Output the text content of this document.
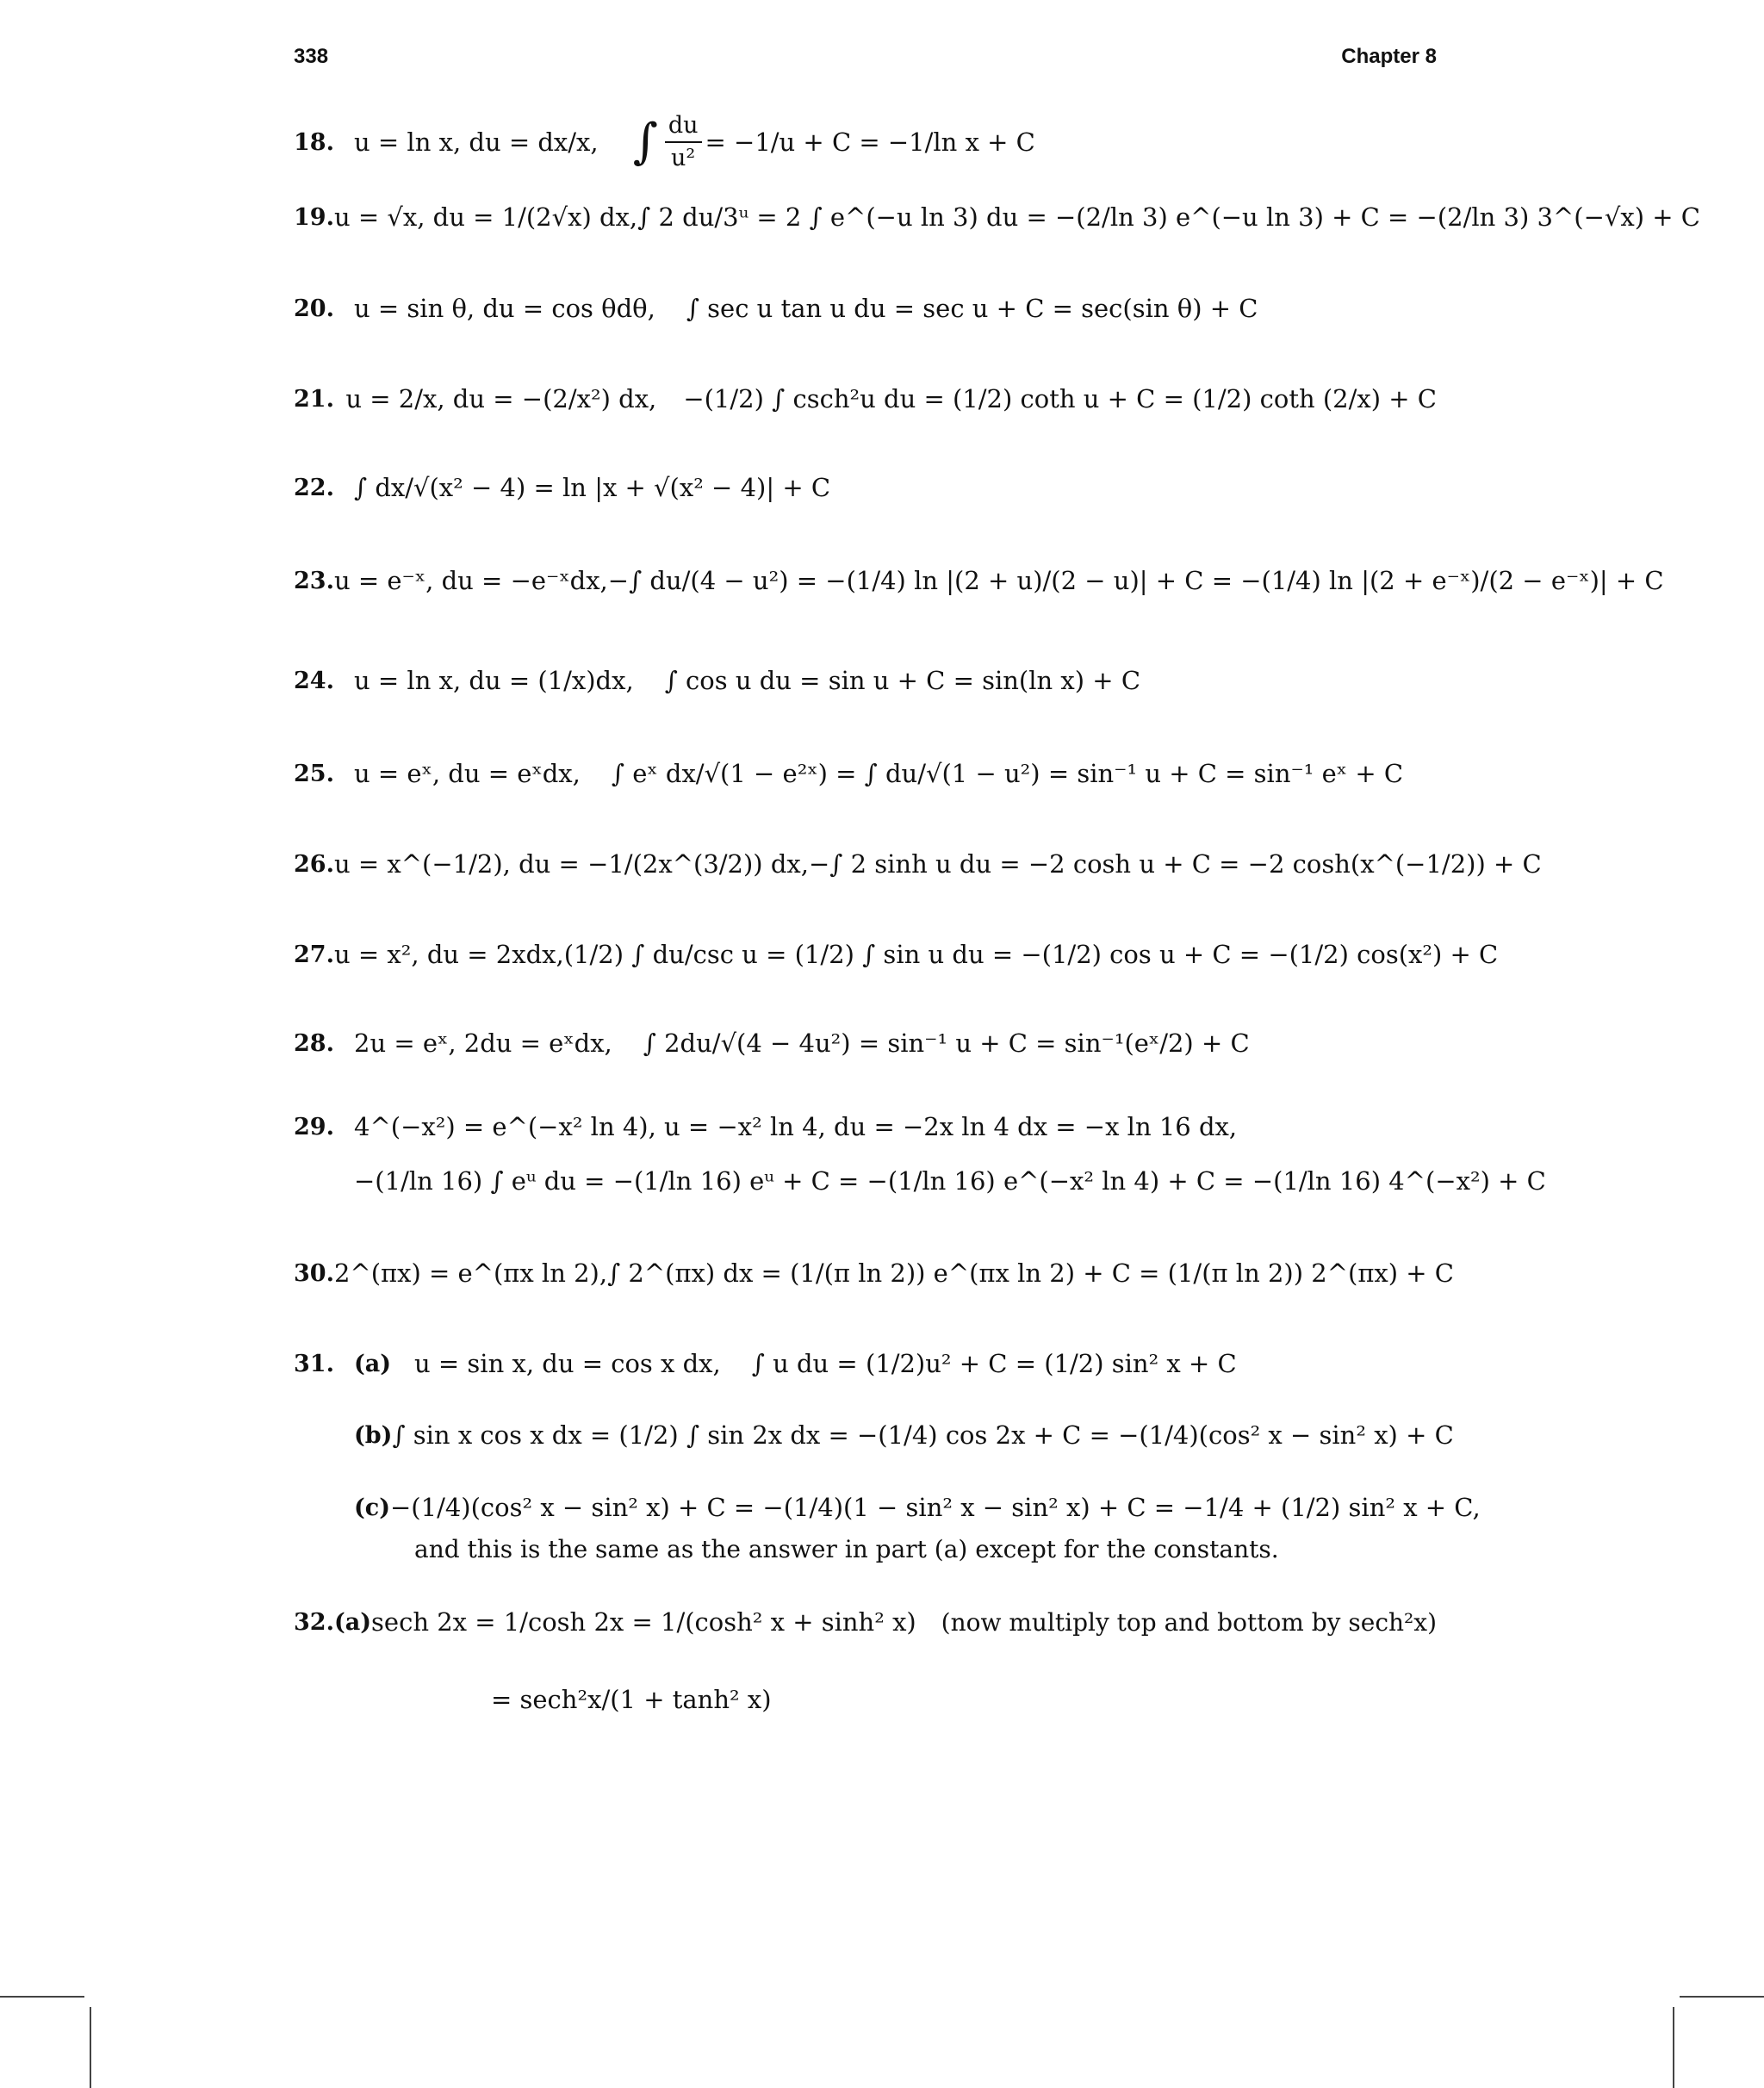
338	Chapter 8
18. u = ln x, du = dx/x, ∫ $\frac{du}{\text{u²}} = -1/u + C = -1/\ln$ x + C
19. u = √x, du = 1/(2√x) dx, ∫ 2 du/3ᵘ = 2 ∫ e^(−u ln 3) du = −(2/ln 3) e^(−u ln 3) + C = −(2/ln 3) 3^(−√x) + C
20. u = sin θ, du = cos θdθ, ∫ sec u tan u du = sec u + C = sec(sin θ) + C
21. u = 2/x, du = −(2/x²) dx, −(1/2) ∫ csch²u du = (1/2) coth u + C = (1/2) coth (2/x) + C
22. ∫ dx/√(x² − 4) = ln |x + √(x² − 4)| + C
23. u = e⁻ˣ, du = −e⁻ˣdx, −∫ du/(4 − u²) = −(1/4) ln |(2 + u)/(2 − u)| + C = −(1/4) ln |(2 + e⁻ˣ)/(2 − e⁻ˣ)| + C
24. u = ln x, du = (1/x)dx, ∫ cos u du = sin u + C = sin(ln x) + C
25. u = eˣ, du = eˣdx, ∫ eˣ dx/√(1 − e²ˣ) = ∫ du/√(1 − u²) = sin⁻¹ u + C = sin⁻¹ eˣ + C
26. u = x^(−1/2), du = −1/(2x^(3/2)) dx, −∫ 2 sinh u du = −2 cosh u + C = −2 cosh(x^(−1/2)) + C
27. u = x², du = 2xdx, (1/2) ∫ du/csc u = (1/2) ∫ sin u du = −(1/2) cos u + C = −(1/2) cos(x²) + C
28. 2u = eˣ, 2du = eˣdx, ∫ 2du/√(4 − 4u²) = sin⁻¹ u + C = sin⁻¹(eˣ/2) + C
29. 4^(−x²) = e^(−x² ln 4), u = −x² ln 4, du = −2x ln 4 dx = −x ln 16 dx,
−(1/ln 16) ∫ eᵘ du = −(1/ln 16) eᵘ + C = −(1/ln 16) e^(−x² ln 4) + C = −(1/ln 16) 4^(−x²) + C
30. 2^(πx) = e^(πx ln 2), ∫ 2^(πx) dx = (1/(π ln 2)) e^(πx ln 2) + C = (1/(π ln 2)) 2^(πx) + C
31. (a) u = sin x, du = cos x dx, ∫ u du = (1/2)u² + C = (1/2) sin² x + C
(b) ∫ sin x cos x dx = (1/2) ∫ sin 2x dx = −(1/4) cos 2x + C = −(1/4)(cos² x − sin² x) + C
(c) −(1/4)(cos² x − sin² x) + C = −(1/4)(1 − sin² x − sin² x) + C = −1/4 + (1/2) sin² x + C,
and this is the same as the answer in part (a) except for the constants.
32. (a) sech 2x = 1/cosh 2x = 1/(cosh² x + sinh² x) (now multiply top and bottom by sech²x)
= sech²x/(1 + tanh² x)
